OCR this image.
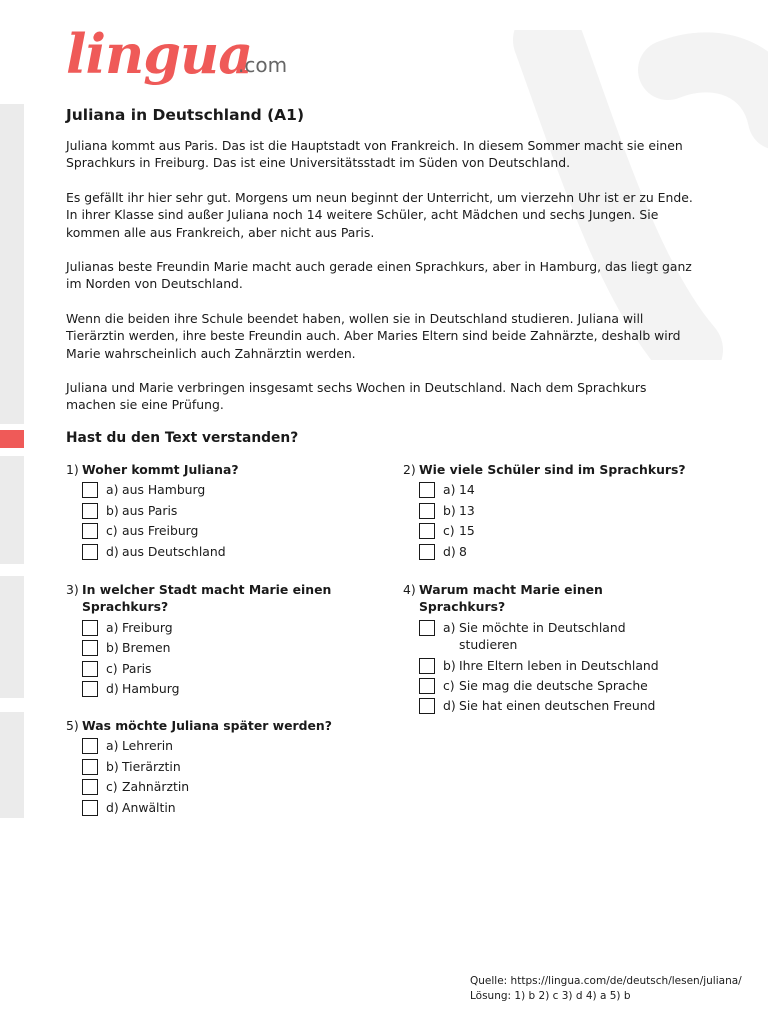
lingua
.com
Juliana in Deutschland (A1)

Juliana kommt aus Paris. Das ist die Hauptstadt von Frankreich. In diesem Sommer macht sie einen Sprachkurs in Freiburg. Das ist eine Universitätsstadt im Süden von Deutschland.

Es gefällt ihr hier sehr gut. Morgens um neun beginnt der Unterricht, um vierzehn Uhr ist er zu Ende. In ihrer Klasse sind außer Juliana noch 14 weitere Schüler, acht Mädchen und sechs Jungen. Sie kommen alle aus Frankreich, aber nicht aus Paris.

Julianas beste Freundin Marie macht auch gerade einen Sprachkurs, aber in Hamburg, das liegt ganz im Norden von Deutschland.

Wenn die beiden ihre Schule beendet haben, wollen sie in Deutschland studieren. Juliana will Tierärztin werden, ihre beste Freundin auch. Aber Maries Eltern sind beide Zahnärzte, deshalb wird Marie wahrscheinlich auch Zahnärztin werden.

Juliana und Marie verbringen insgesamt sechs Wochen in Deutschland. Nach dem Sprachkurs machen sie eine Prüfung.

Hast du den Text verstanden?
1) Woher kommt Juliana?
a) aus Hamburg
b) aus Paris
c) aus Freiburg
d) aus Deutschland
2) Wie viele Schüler sind im Sprachkurs?
a) 14
b) 13
c) 15
d) 8
3) In welcher Stadt macht Marie einen Sprachkurs?
a) Freiburg
b) Bremen
c) Paris
d) Hamburg
4) Warum macht Marie einen Sprachkurs?
a) Sie möchte in Deutschland studieren
b) Ihre Eltern leben in Deutschland
c) Sie mag die deutsche Sprache
d) Sie hat einen deutschen Freund
5) Was möchte Juliana später werden?
a) Lehrerin
b) Tierärztin
c) Zahnärztin
d) Anwältin
Quelle: https://lingua.com/de/deutsch/lesen/juliana/
Lösung: 1) b 2) c 3) d 4) a 5) b
